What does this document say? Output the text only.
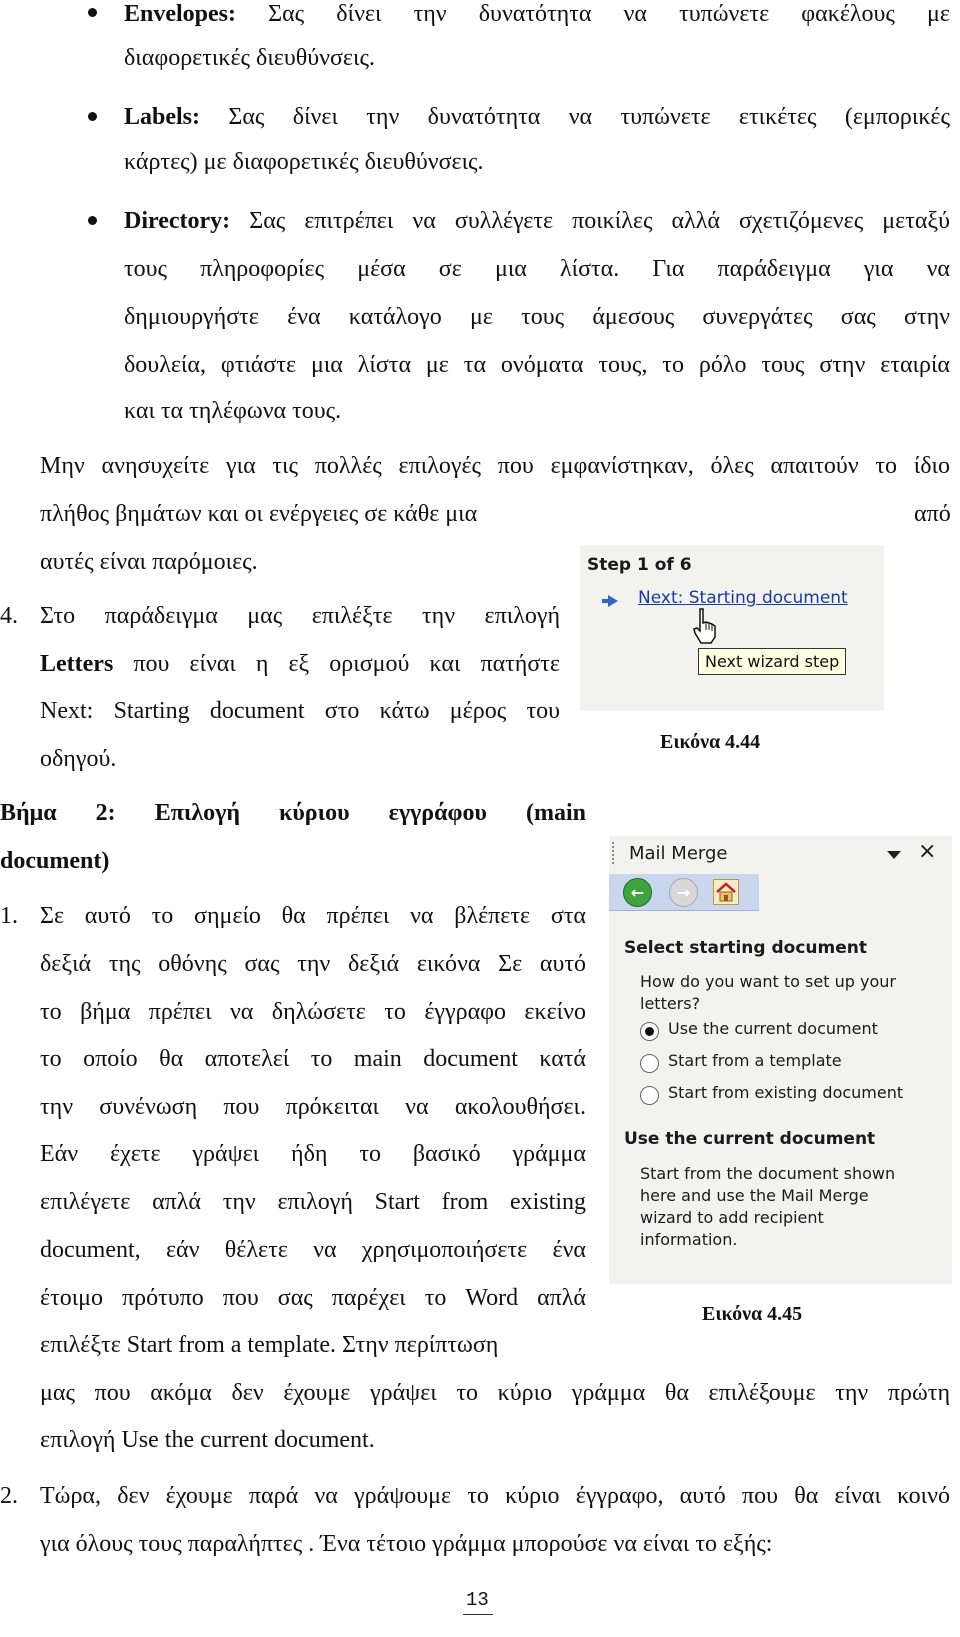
Envelopes: Σας δίνει την δυνατότητα να τυπώνετε φακέλους με
διαφορετικές διευθύνσεις.
Labels: Σας δίνει την δυνατότητα να τυπώνετε ετικέτες (εμπορικές
κάρτες) με διαφορετικές διευθύνσεις.
Directory: Σας επιτρέπει να συλλέγετε ποικίλες αλλά σχετιζόμενες μεταξύ
τους πληροφορίες μέσα σε μια λίστα. Για παράδειγμα για να
δημιουργήστε ένα κατάλογο με τους άμεσους συνεργάτες σας στην
δουλεία, φτιάστε μια λίστα με τα ονόματα τους, το ρόλο τους στην εταιρία
και τα τηλέφωνα τους.
Μην ανησυχείτε για τις πολλές επιλογές που εμφανίστηκαν, όλες απαιτούν το ίδιο
πλήθος βημάτων και οι ενέργειες σε κάθε μια	από
αυτές είναι παρόμοιες.
4. Στο παράδειγμα μας επιλέξτε την επιλογή
Letters που είναι η εξ ορισμού και πατήστε
Next: Starting document στο κάτω μέρος του
οδηγού.
Step 1 of 6
Next: Starting document
Next wizard step
Εικόνα 4.44
Βήμα 2: Επιλογή κύριου εγγράφου (main
document)
1. Σε αυτό το σημείο θα πρέπει να βλέπετε στα
δεξιά της οθόνης σας την δεξιά εικόνα Σε αυτό
το βήμα πρέπει να δηλώσετε το έγγραφο εκείνο
το οποίο θα αποτελεί το main document κατά
την συνένωση που πρόκειται να ακολουθήσει.
Εάν έχετε γράψει ήδη το βασικό γράμμα
επιλέγετε απλά την επιλογή Start from existing
document, εάν θέλετε να χρησιμοποιήσετε ένα
έτοιμο πρότυπο που σας παρέχει το Word απλά
επιλέξτε Start from a template. Στην περίπτωση
μας που ακόμα δεν έχουμε γράψει το κύριο γράμμα θα επιλέξουμε την πρώτη
επιλογή Use the current document.
Mail Merge	×
←	→
Select starting document
How do you want to set up your letters?
Use the current document
Start from a template
Start from existing document
Use the current document
Start from the document shown here and use the Mail Merge wizard to add recipient information.
Εικόνα 4.45
2. Τώρα, δεν έχουμε παρά να γράψουμε το κύριο έγγραφο, αυτό που θα είναι κοινό
για όλους τους παραλήπτες . Ένα τέτοιο γράμμα μπορούσε να είναι το εξής:
13
